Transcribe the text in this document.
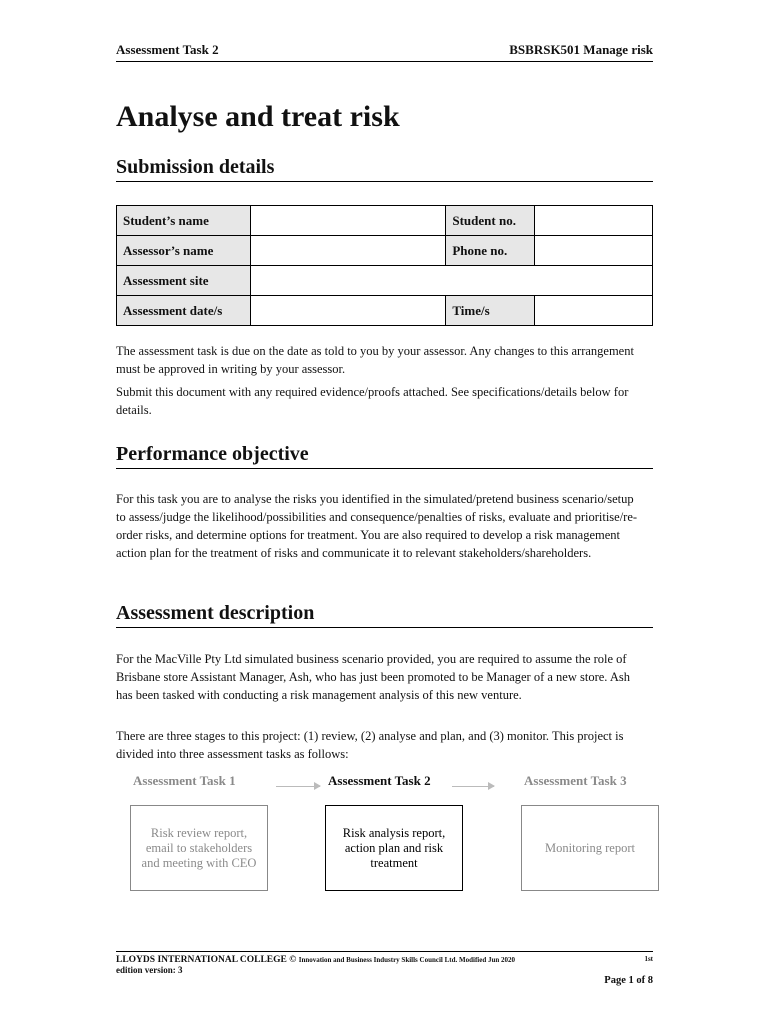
Assessment Task 2	BSBRSK501 Manage risk
Analyse and treat risk
Submission details
Student’s name		Student no.	
Assessor’s name		Phone no.	
Assessment site			
Assessment date/s		Time/s	

The assessment task is due on the date as told to you by your assessor. Any changes to this arrangement must be approved in writing by your assessor.

Submit this document with any required evidence/proofs attached. See specifications/details below for details.

Performance objective

For this task you are to analyse the risks you identified in the simulated/pretend business scenario/setup to assess/judge the likelihood/possibilities and consequence/penalties of risks, evaluate and prioritise/re-order risks, and determine options for treatment. You are also required to develop a risk management action plan for the treatment of risks and communicate it to relevant stakeholders/shareholders.

Assessment description

For the MacVille Pty Ltd simulated business scenario provided, you are required to assume the role of Brisbane store Assistant Manager, Ash, who has just been promoted to be Manager of a new store. Ash has been tasked with conducting a risk management analysis of this new venture.

There are three stages to this project: (1) review, (2) analyse and plan, and (3) monitor. This project is divided into three assessment tasks as follows:

Assessment Task 1	Assessment Task 2	Assessment Task 3
Risk review report, email to stakeholders and meeting with CEO
Risk analysis report, action plan and risk treatment
Monitoring report
LLOYDS INTERNATIONAL COLLEGE © Innovation and Business Industry Skills Council Ltd. Modified Jun 2020	1st
edition version: 3
Page 1 of 8
